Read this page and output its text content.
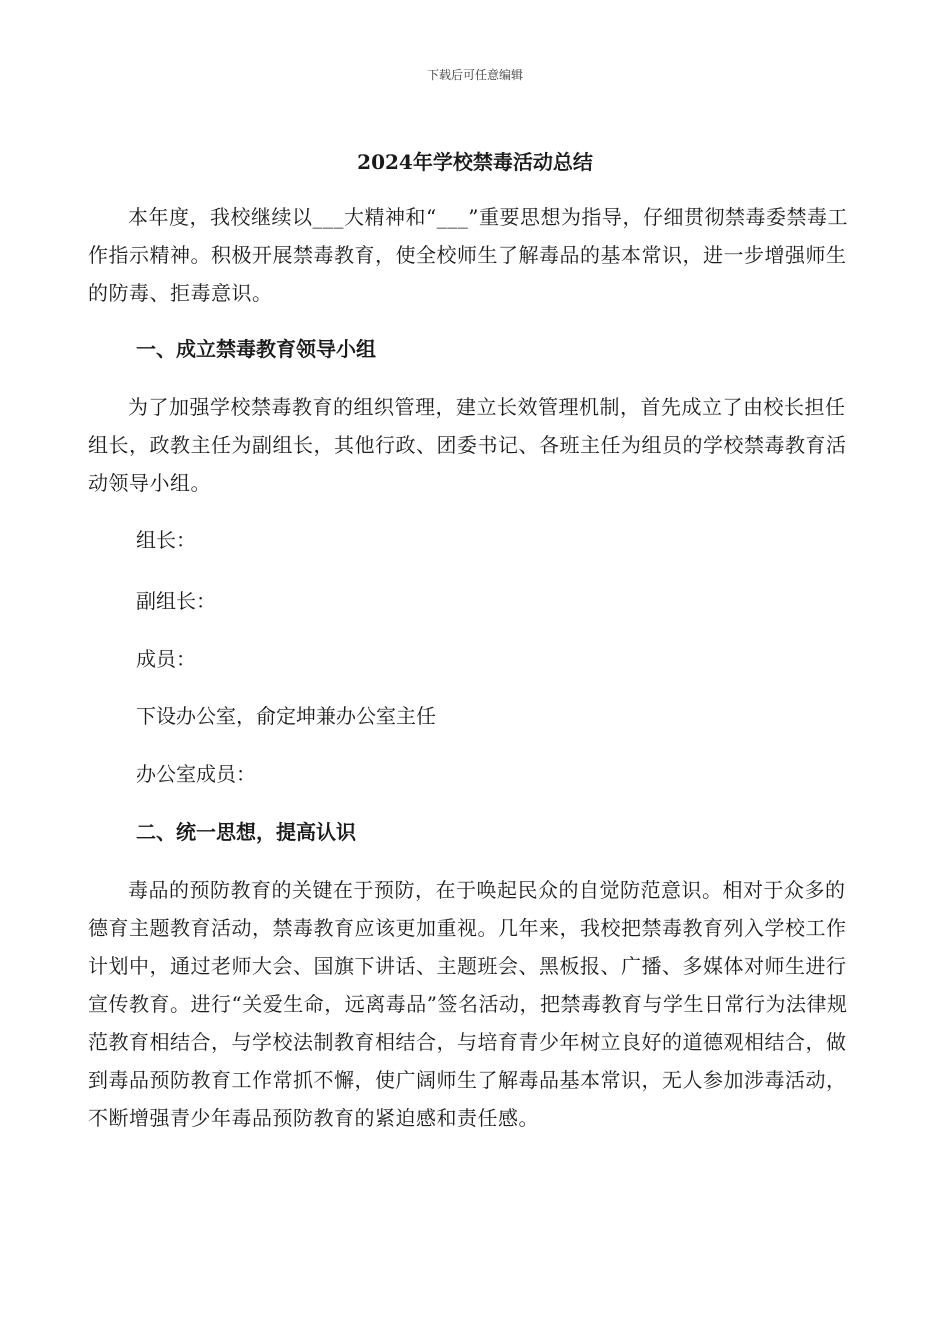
下载后可任意编辑
2024年学校禁毒活动总结

本年度，我校继续以___大精神和“___”重要思想为指导，仔细贯彻禁毒委禁毒工作指示精神。积极开展禁毒教育，使全校师生了解毒品的基本常识，进一步增强师生的防毒、拒毒意识。

一、成立禁毒教育领导小组

为了加强学校禁毒教育的组织管理，建立长效管理机制，首先成立了由校长担任组长，政教主任为副组长，其他行政、团委书记、各班主任为组员的学校禁毒教育活动领导小组。

组长：

副组长：

成员：

下设办公室，俞定坤兼办公室主任

办公室成员：

二、统一思想，提高认识

毒品的预防教育的关键在于预防，在于唤起民众的自觉防范意识。相对于众多的德育主题教育活动，禁毒教育应该更加重视。几年来，我校把禁毒教育列入学校工作计划中，通过老师大会、国旗下讲话、主题班会、黑板报、广播、多媒体对师生进行宣传教育。进行“关爱生命，远离毒品”签名活动，把禁毒教育与学生日常行为法律规范教育相结合，与学校法制教育相结合，与培育青少年树立良好的道德观相结合，做到毒品预防教育工作常抓不懈，使广阔师生了解毒品基本常识，无人参加涉毒活动，不断增强青少年毒品预防教育的紧迫感和责任感。
